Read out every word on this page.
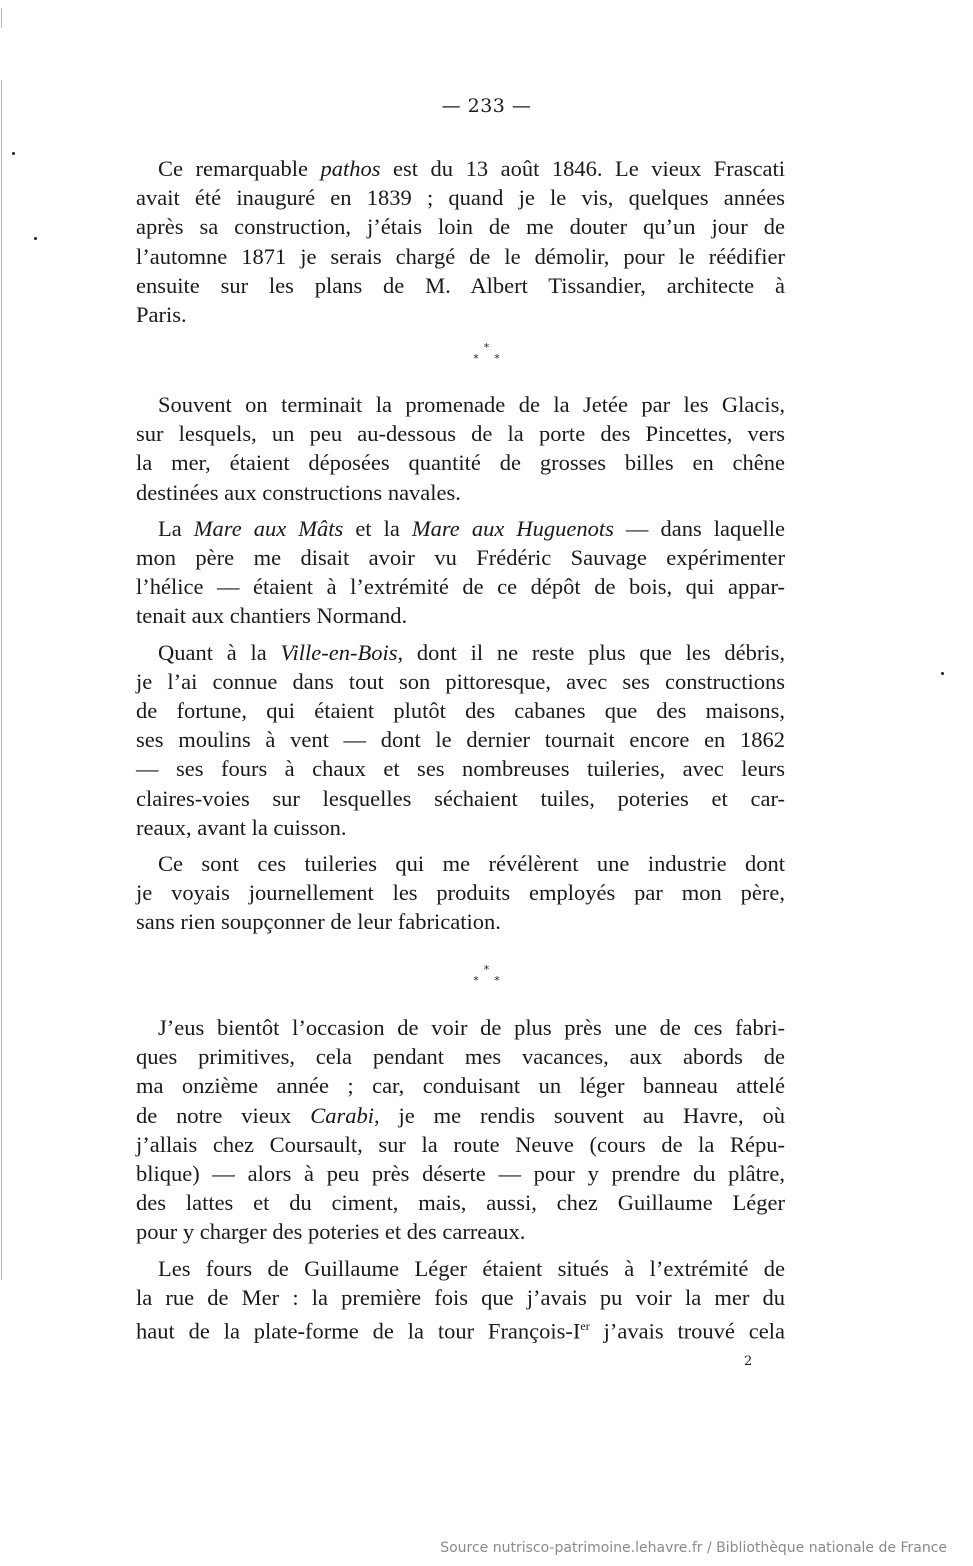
— 233 —
Ce remarquable pathos est du 13 août 1846. Le vieux Frascati
avait été inauguré en 1839 ; quand je le vis, quelques années
après sa construction, j’étais loin de me douter qu’un jour de
l’automne 1871 je serais chargé de le démolir, pour le réédifier
ensuite sur les plans de M. Albert Tissandier, architecte à
Paris.
*
* *
Souvent on terminait la promenade de la Jetée par les Glacis,
sur lesquels, un peu au-dessous de la porte des Pincettes, vers
la mer, étaient déposées quantité de grosses billes en chêne
destinées aux constructions navales.
La Mare aux Mâts et la Mare aux Huguenots — dans laquelle
mon père me disait avoir vu Frédéric Sauvage expérimenter
l’hélice — étaient à l’extrémité de ce dépôt de bois, qui appar-
tenait aux chantiers Normand.
Quant à la Ville-en-Bois, dont il ne reste plus que les débris,
je l’ai connue dans tout son pittoresque, avec ses constructions
de fortune, qui étaient plutôt des cabanes que des maisons,
ses moulins à vent — dont le dernier tournait encore en 1862
— ses fours à chaux et ses nombreuses tuileries, avec leurs
claires-voies sur lesquelles séchaient tuiles, poteries et car-
reaux, avant la cuisson.
Ce sont ces tuileries qui me révélèrent une industrie dont
je voyais journellement les produits employés par mon père,
sans rien soupçonner de leur fabrication.
*
* *
J’eus bientôt l’occasion de voir de plus près une de ces fabri-
ques primitives, cela pendant mes vacances, aux abords de
ma onzième année ; car, conduisant un léger banneau attelé
de notre vieux Carabi, je me rendis souvent au Havre, où
j’allais chez Coursault, sur la route Neuve (cours de la Répu-
blique) — alors à peu près déserte — pour y prendre du plâtre,
des lattes et du ciment, mais, aussi, chez Guillaume Léger
pour y charger des poteries et des carreaux.
Les fours de Guillaume Léger étaient situés à l’extrémité de
la rue de Mer : la première fois que j’avais pu voir la mer du
haut de la plate-forme de la tour François-Ier j’avais trouvé cela
2
Source nutrisco-patrimoine.lehavre.fr / Bibliothèque nationale de France
